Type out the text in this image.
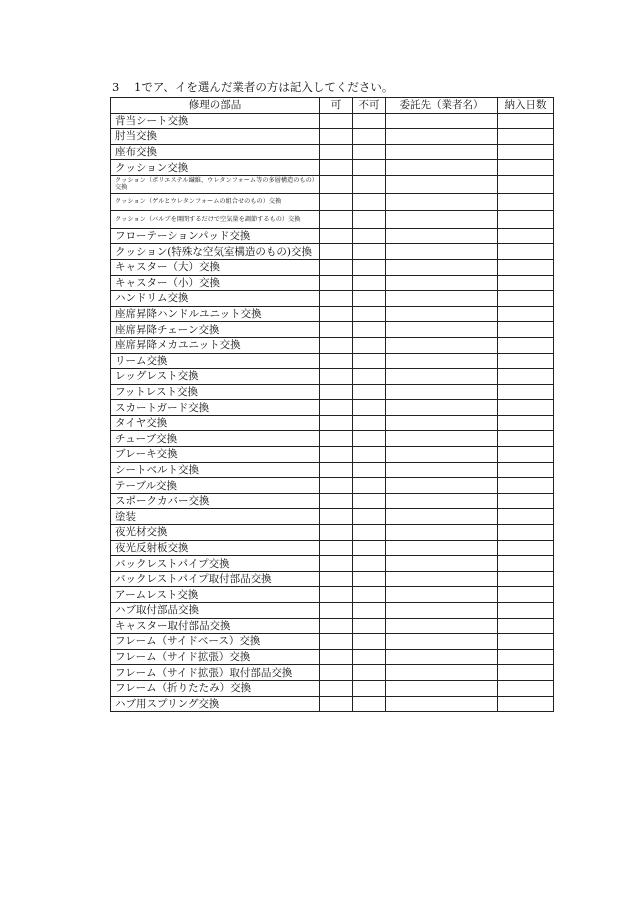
3 1でア、イを選んだ業者の方は記入してください。
修理の部品	可	不可	委託先（業者名）	納入日数
背当シート交換				
肘当交換				
座布交換				
クッション交換				
クッション（ポリエステル繊維、ウレタンフォーム等の多層構造のもの）交換				
クッション（ゲルとウレタンフォームの組合せのもの）交換				
クッション（バルブを開閉するだけで空気量を調節するもの）交換				
フローテーションパッド交換				
クッション(特殊な空気室構造のもの)交換				
キャスター（大）交換				
キャスター（小）交換				
ハンドリム交換				
座席昇降ハンドルユニット交換				
座席昇降チェーン交換				
座席昇降メカユニット交換				
リーム交換				
レッグレスト交換				
フットレスト交換				
スカートガード交換				
タイヤ交換				
チューブ交換				
ブレーキ交換				
シートベルト交換				
テーブル交換				
スポークカバー交換				
塗装				
夜光材交換				
夜光反射板交換				
バックレストパイプ交換				
バックレストパイプ取付部品交換				
アームレスト交換				
ハブ取付部品交換				
キャスター取付部品交換				
フレーム（サイドベース）交換				
フレーム（サイド拡張）交換				
フレーム（サイド拡張）取付部品交換				
フレーム（折りたたみ）交換				
ハブ用スプリング交換				
